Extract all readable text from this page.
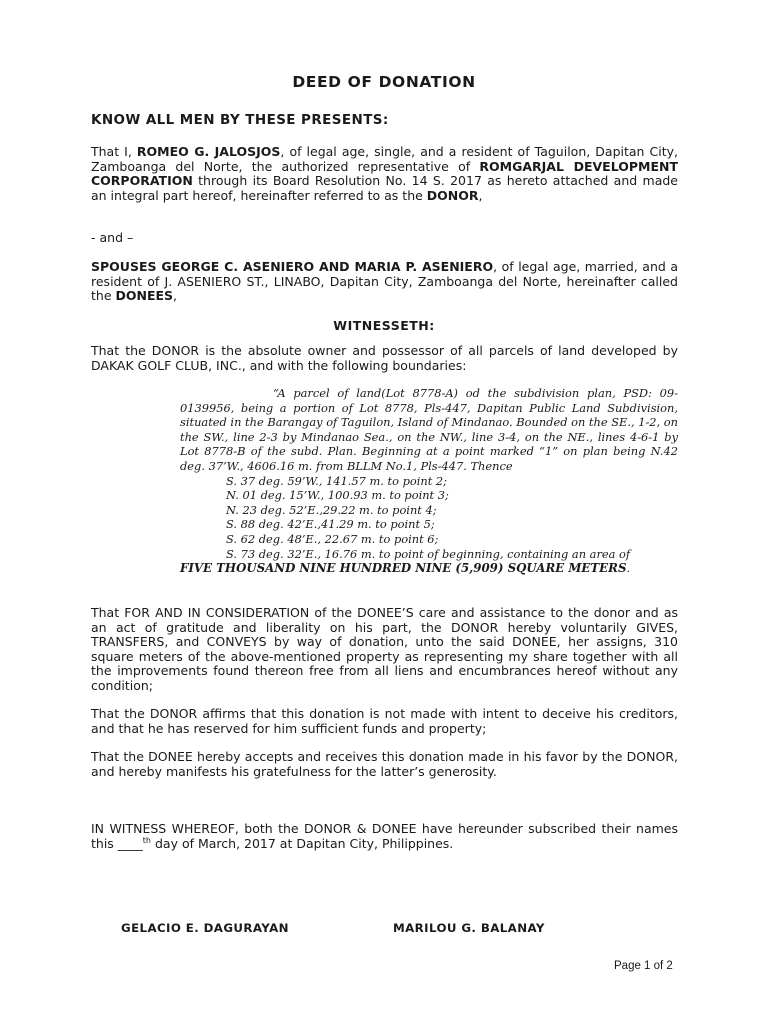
DEED OF DONATION
KNOW ALL MEN BY THESE PRESENTS:
That I, ROMEO G. JALOSJOS, of legal age, single, and a resident of Taguilon, Dapitan City, Zamboanga del Norte, the authorized representative of ROMGARJAL DEVELOPMENT CORPORATION through its Board Resolution No. 14 S. 2017 as hereto attached and made an integral part hereof, hereinafter referred to as the DONOR,
- and –
SPOUSES GEORGE C. ASENIERO AND MARIA P. ASENIERO, of legal age, married, and a resident of J. ASENIERO ST., LINABO, Dapitan City, Zamboanga del Norte, hereinafter called the DONEES,
WITNESSETH:
That the DONOR is the absolute owner and possessor of all parcels of land developed by DAKAK GOLF CLUB, INC., and with the following boundaries:
“A parcel of land(Lot 8778-A) od the subdivision plan, PSD: 09-0139956, being a portion of Lot 8778, Pls-447, Dapitan Public Land Subdivision, situated in the Barangay of Taguilon, Island of Mindanao. Bounded on the SE., 1-2, on the SW., line 2-3 by Mindanao Sea., on the NW., line 3-4, on the NE., lines 4-6-1 by Lot 8778-B of the subd. Plan. Beginning at a point marked “1” on plan being N.42 deg. 37’W., 4606.16 m. from BLLM No.1, Pls-447. Thence
S. 37 deg. 59’W., 141.57 m. to point 2;
N. 01 deg. 15’W., 100.93 m. to point 3;
N. 23 deg. 52’E.,29.22 m. to point 4;
S. 88 deg. 42’E.,41.29 m. to point 5;
S. 62 deg. 48’E., 22.67 m. to point 6;
S. 73 deg. 32’E., 16.76 m. to point of beginning, containing an area of
FIVE THOUSAND NINE HUNDRED NINE (5,909) SQUARE METERS.
That FOR AND IN CONSIDERATION of the DONEE’S care and assistance to the donor and as an act of gratitude and liberality on his part, the DONOR hereby voluntarily GIVES, TRANSFERS, and CONVEYS by way of donation, unto the said DONEE, her assigns, 310 square meters of the above-mentioned property as representing my share together with all the improvements found thereon free from all liens and encumbrances hereof without any condition;
That the DONOR affirms that this donation is not made with intent to deceive his creditors, and that he has reserved for him sufficient funds and property;
That the DONEE hereby accepts and receives this donation made in his favor by the DONOR, and hereby manifests his gratefulness for the latter’s generosity.
IN WITNESS WHEREOF, both the DONOR & DONEE have hereunder subscribed their names this ____$^{th}$ day of March, 2017 at Dapitan City, Philippines.
GELACIO E. DAGURAYAN	MARILOU G. BALANAY
Page 1 of 2
